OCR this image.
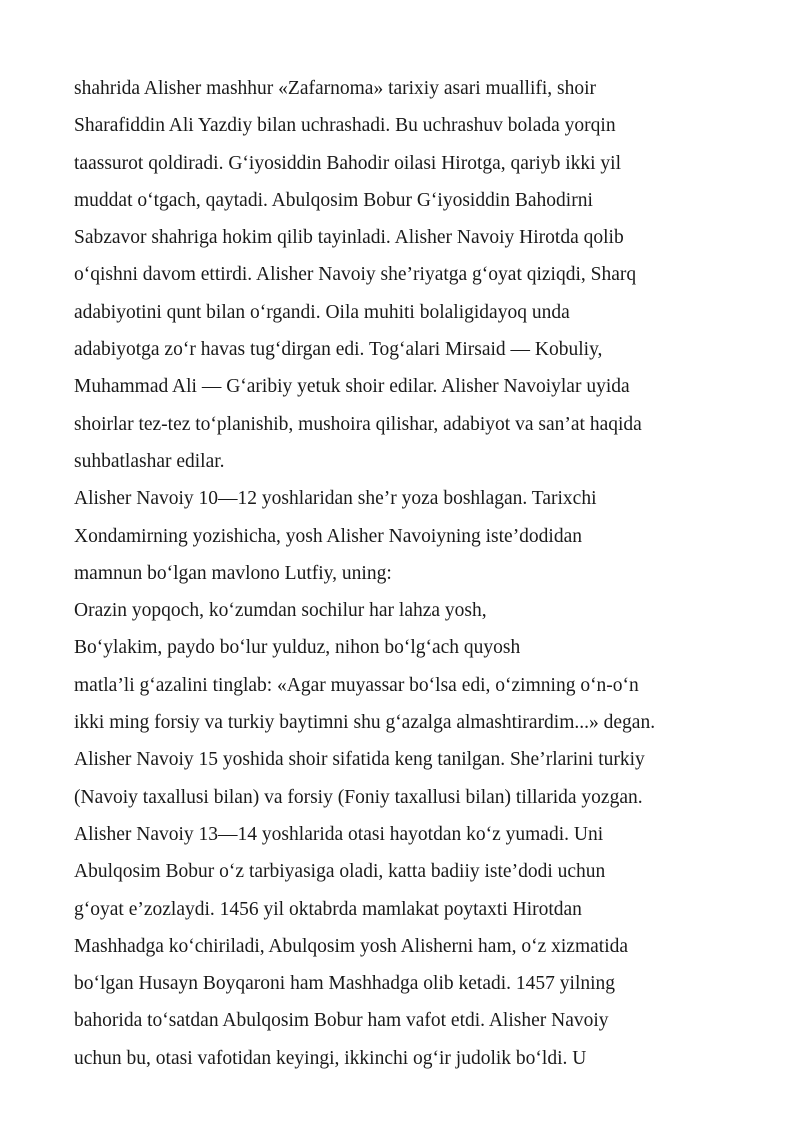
shahrida Alisher mashhur «Zafarnoma» tarixiy asari muallifi, shoir
Sharafiddin Ali Yazdiy bilan uchrashadi. Bu uchrashuv bolada yorqin
taassurot qoldiradi. G‘iyosiddin Bahodir oilasi Hirotga, qariyb ikki yil
muddat o‘tgach, qaytadi. Abulqosim Bobur G‘iyosiddin Bahodirni
Sabzavor shahriga hokim qilib tayinladi. Alisher Navoiy Hirotda qolib
o‘qishni davom ettirdi. Alisher Navoiy she’riyatga g‘oyat qiziqdi, Sharq
adabiyotini qunt bilan o‘rgandi. Oila muhiti bolaligidayoq unda
adabiyotga zo‘r havas tug‘dirgan edi. Tog‘alari Mirsaid — Kobuliy,
Muhammad Ali — G‘aribiy yetuk shoir edilar. Alisher Navoiylar uyida
shoirlar tez-tez to‘planishib, mushoira qilishar, adabiyot va san’at haqida
suhbatlashar edilar.
Alisher Navoiy 10—12 yoshlaridan she’r yoza boshlagan. Tarixchi
Xondamirning yozishicha, yosh Alisher Navoiyning iste’dodidan
mamnun bo‘lgan mavlono Lutfiy, uning:
Orazin yopqoch, ko‘zumdan sochilur har lahza yosh,
Bo‘ylakim, paydo bo‘lur yulduz, nihon bo‘lg‘ach quyosh
matla’li g‘azalini tinglab: «Agar muyassar bo‘lsa edi, o‘zimning o‘n-o‘n
ikki ming forsiy va turkiy baytimni shu g‘azalga almashtirardim...» degan.
Alisher Navoiy 15 yoshida shoir sifatida keng tanilgan. She’rlarini turkiy
(Navoiy taxallusi bilan) va forsiy (Foniy taxallusi bilan) tillarida yozgan.
Alisher Navoiy 13—14 yoshlarida otasi hayotdan ko‘z yumadi. Uni
Abulqosim Bobur o‘z tarbiyasiga oladi, katta badiiy iste’dodi uchun
g‘oyat e’zozlaydi. 1456 yil oktabrda mamlakat poytaxti Hirotdan
Mashhadga ko‘chiriladi, Abulqosim yosh Alisherni ham, o‘z xizmatida
bo‘lgan Husayn Boyqaroni ham Mashhadga olib ketadi. 1457 yilning
bahorida to‘satdan Abulqosim Bobur ham vafot etdi. Alisher Navoiy
uchun bu, otasi vafotidan keyingi, ikkinchi og‘ir judolik bo‘ldi. U
